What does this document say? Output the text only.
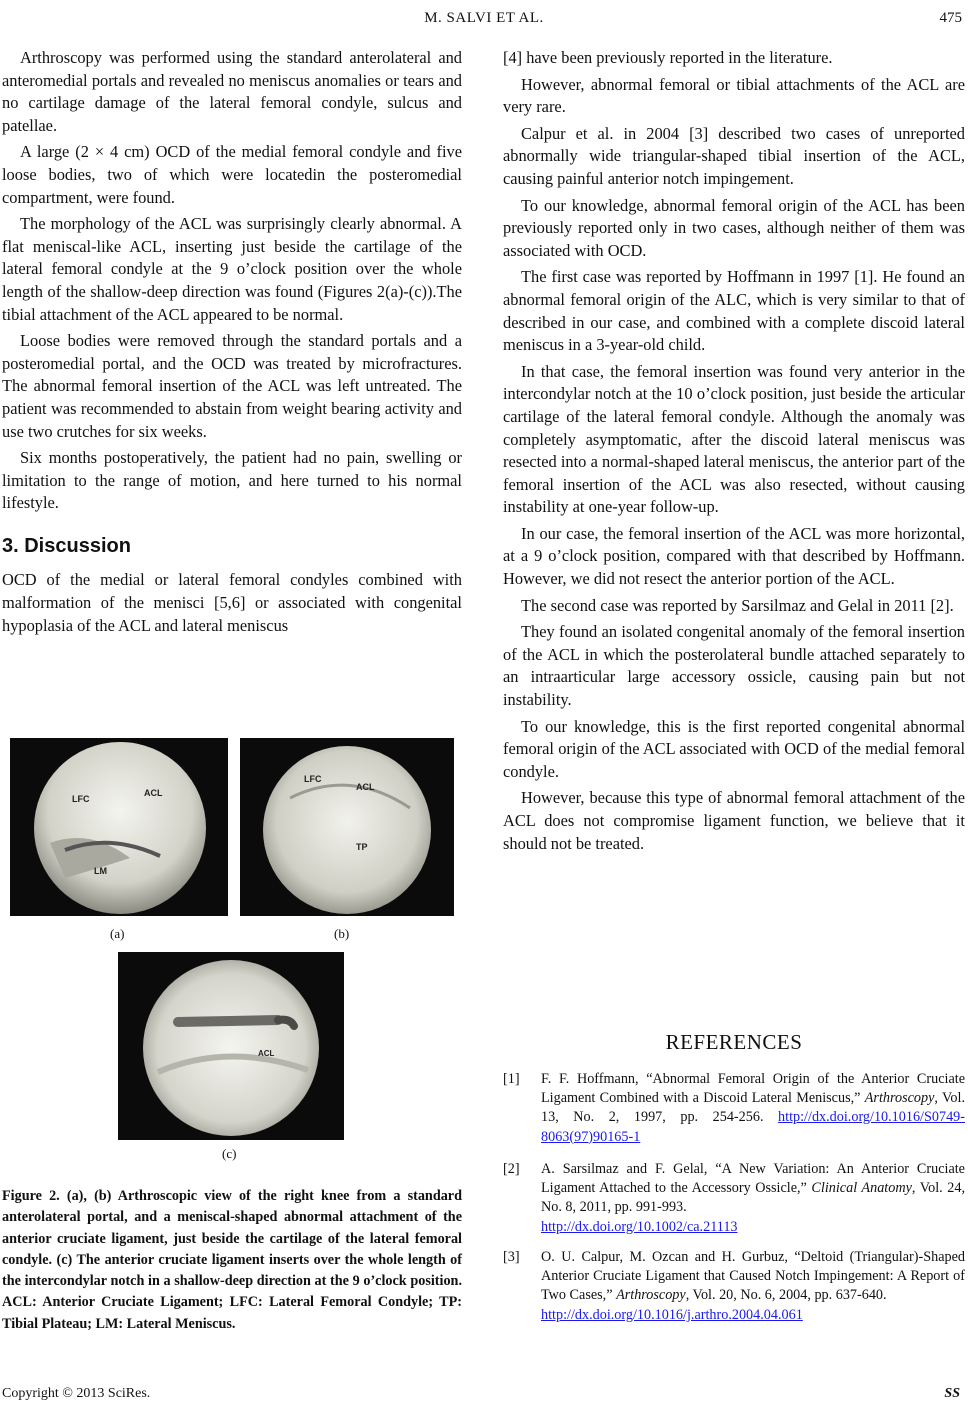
M. SALVI ET AL.	475

Arthroscopy was performed using the standard anterolateral and anteromedial portals and revealed no meniscus anomalies or tears and no cartilage damage of the lateral femoral condyle, sulcus and patellae.

A large (2 × 4 cm) OCD of the medial femoral condyle and five loose bodies, two of which were locatedin the posteromedial compartment, were found.

The morphology of the ACL was surprisingly clearly abnormal. A flat meniscal-like ACL, inserting just beside the cartilage of the lateral femoral condyle at the 9 o’clock position over the whole length of the shallow-deep direction was found (Figures 2(a)-(c)).The tibial attachment of the ACL appeared to be normal.

Loose bodies were removed through the standard portals and a posteromedial portal, and the OCD was treated by microfractures. The abnormal femoral insertion of the ACL was left untreated. The patient was recommended to abstain from weight bearing activity and use two crutches for six weeks.

Six months postoperatively, the patient had no pain, swelling or limitation to the range of motion, and here turned to his normal lifestyle.

3. Discussion

OCD of the medial or lateral femoral condyles combined with malformation of the menisci [5,6] or associated with congenital hypoplasia of the ACL and lateral meniscus

LFC
ACL
LM
LFC
ACL
TP
(a)	(b)
ACL
(c)
Figure 2. (a), (b) Arthroscopic view of the right knee from a standard anterolateral portal, and a meniscal-shaped abnormal attachment of the anterior cruciate ligament, just beside the cartilage of the lateral femoral condyle. (c) The anterior cruciate ligament inserts over the whole length of the intercondylar notch in a shallow-deep direction at the 9 o’clock position. ACL: Anterior Cruciate Ligament; LFC: Lateral Femoral Condyle; TP: Tibial Plateau; LM: Lateral Meniscus.

[4] have been previously reported in the literature.

However, abnormal femoral or tibial attachments of the ACL are very rare.

Calpur et al. in 2004 [3] described two cases of unreported abnormally wide triangular-shaped tibial insertion of the ACL, causing painful anterior notch impingement.

To our knowledge, abnormal femoral origin of the ACL has been previously reported only in two cases, although neither of them was associated with OCD.

The first case was reported by Hoffmann in 1997 [1]. He found an abnormal femoral origin of the ALC, which is very similar to that of described in our case, and combined with a complete discoid lateral meniscus in a 3-year-old child.

In that case, the femoral insertion was found very anterior in the intercondylar notch at the 10 o’clock position, just beside the articular cartilage of the lateral femoral condyle. Although the anomaly was completely asymptomatic, after the discoid lateral meniscus was resected into a normal-shaped lateral meniscus, the anterior part of the femoral insertion of the ACL was also resected, without causing instability at one-year follow-up.

In our case, the femoral insertion of the ACL was more horizontal, at a 9 o’clock position, compared with that described by Hoffmann. However, we did not resect the anterior portion of the ACL.

The second case was reported by Sarsilmaz and Gelal in 2011 [2].

They found an isolated congenital anomaly of the femoral insertion of the ACL in which the posterolateral bundle attached separately to an intraarticular large accessory ossicle, causing pain but not instability.

To our knowledge, this is the first reported congenital abnormal femoral origin of the ACL associated with OCD of the medial femoral condyle.

However, because this type of abnormal femoral attachment of the ACL does not compromise ligament function, we believe that it should not be treated.

REFERENCES
[1]	F. F. Hoffmann, “Abnormal Femoral Origin of the Anterior Cruciate Ligament Combined with a Discoid Lateral Meniscus,” Arthroscopy, Vol. 13, No. 2, 1997, pp. 254-256. http://dx.doi.org/10.1016/S0749-8063(97)90165-1
[2]	A. Sarsilmaz and F. Gelal, “A New Variation: An Anterior Cruciate Ligament Attached to the Accessory Ossicle,” Clinical Anatomy, Vol. 24, No. 8, 2011, pp. 991-993.
http://dx.doi.org/10.1002/ca.21113
[3]	O. U. Calpur, M. Ozcan and H. Gurbuz, “Deltoid (Triangular)-Shaped Anterior Cruciate Ligament that Caused Notch Impingement: A Report of Two Cases,” Arthroscopy, Vol. 20, No. 6, 2004, pp. 637-640.
http://dx.doi.org/10.1016/j.arthro.2004.04.061
Copyright © 2013 SciRes.	SS
